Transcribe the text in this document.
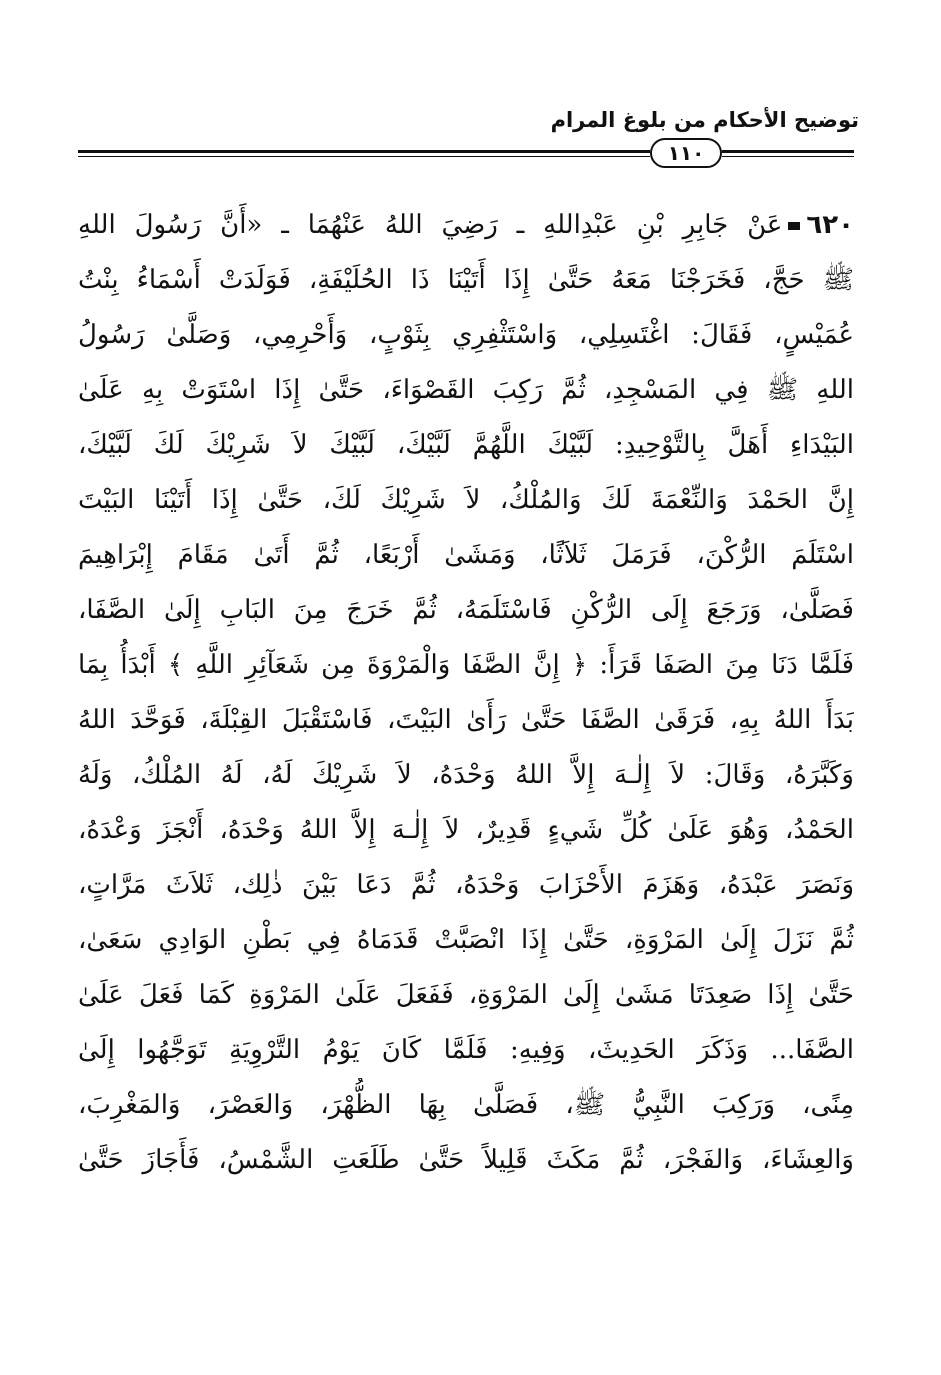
توضيح الأحكام من بلوغ المرام
١١٠
٦٢٠عَنْ جَابِرِ بْنِ عَبْدِاللهِ ـ رَضِيَ اللهُ عَنْهُمَا ـ «أَنَّ رَسُولَ اللهِ
ﷺ حَجَّ، فَخَرَجْنَا مَعَهُ حَتَّىٰ إِذَا أَتَيْنَا ذَا الحُلَيْفَةِ، فَوَلَدَتْ أَسْمَاءُ بِنْتُ
عُمَيْسٍ، فَقَالَ: اغْتَسِلِي، وَاسْتَثْفِرِي بِثَوْبٍ، وَأَحْرِمِي، وَصَلَّىٰ رَسُولُ
اللهِ ﷺ فِي المَسْجِدِ، ثُمَّ رَكِبَ القَصْوَاءَ، حَتَّىٰ إِذَا اسْتَوَتْ بِهِ عَلَىٰ
البَيْدَاءِ أَهَلَّ بِالتَّوْحِيدِ: لَبَّيْكَ اللَّهُمَّ لَبَّيْكَ، لَبَّيْكَ لاَ شَرِيْكَ لَكَ لَبَّيْكَ،
إِنَّ الحَمْدَ وَالنِّعْمَةَ لَكَ وَالمُلْكُ، لاَ شَرِيْكَ لَكَ، حَتَّىٰ إِذَا أَتَيْنَا البَيْتَ
اسْتَلَمَ الرُّكْنَ، فَرَمَلَ ثَلاَثًا، وَمَشَىٰ أَرْبَعًا، ثُمَّ أَتَىٰ مَقَامَ إِبْرَاهِيمَ
فَصَلَّىٰ، وَرَجَعَ إِلَى الرُّكْنِ فَاسْتَلَمَهُ، ثُمَّ خَرَجَ مِنَ البَابِ إِلَىٰ الصَّفَا،
فَلَمَّا دَنَا مِنَ الصَفَا قَرَأَ: ﴿ إِنَّ الصَّفَا وَالْمَرْوَةَ مِن شَعَآئِرِ اللَّهِ ﴾ أَبْدَأُ بِمَا
بَدَأَ اللهُ بِهِ، فَرَقَىٰ الصَّفَا حَتَّىٰ رَأَىٰ البَيْتَ، فَاسْتَقْبَلَ القِبْلَةَ، فَوَحَّدَ اللهُ
وَكَبَّرَهُ، وَقَالَ: لاَ إِلٰـهَ إِلاَّ اللهُ وَحْدَهُ، لاَ شَرِيْكَ لَهُ، لَهُ المُلْكُ، وَلَهُ
الحَمْدُ، وَهُوَ عَلَىٰ كُلِّ شَيءٍ قَدِيرٌ، لاَ إِلٰـهَ إِلاَّ اللهُ وَحْدَهُ، أَنْجَزَ وَعْدَهُ،
وَنَصَرَ عَبْدَهُ، وَهَزَمَ الأَحْزَابَ وَحْدَهُ، ثُمَّ دَعَا بَيْنَ ذٰلِك، ثَلاَثَ مَرَّاتٍ،
ثُمَّ نَزَلَ إِلَىٰ المَرْوَةِ، حَتَّىٰ إِذَا انْصَبَّتْ قَدَمَاهُ فِي بَطْنِ الوَادِي سَعَىٰ،
حَتَّىٰ إِذَا صَعِدَتَا مَشَىٰ إِلَىٰ المَرْوَةِ، فَفَعَلَ عَلَىٰ المَرْوَةِ كَمَا فَعَلَ عَلَىٰ
الصَّفَا... وَذَكَرَ الحَدِيثَ، وَفِيهِ: فَلَمَّا كَانَ يَوْمُ التَّرْوِيَةِ تَوَجَّهُوا إِلَىٰ
مِنًى، وَرَكِبَ النَّبِيُّ ﷺ، فَصَلَّىٰ بِهَا الظُّهْرَ، وَالعَصْرَ، وَالمَغْرِبَ،
وَالعِشَاءَ، وَالفَجْرَ، ثُمَّ مَكَثَ قَلِيلاً حَتَّىٰ طَلَعَتِ الشَّمْسُ، فَأَجَازَ حَتَّىٰ
